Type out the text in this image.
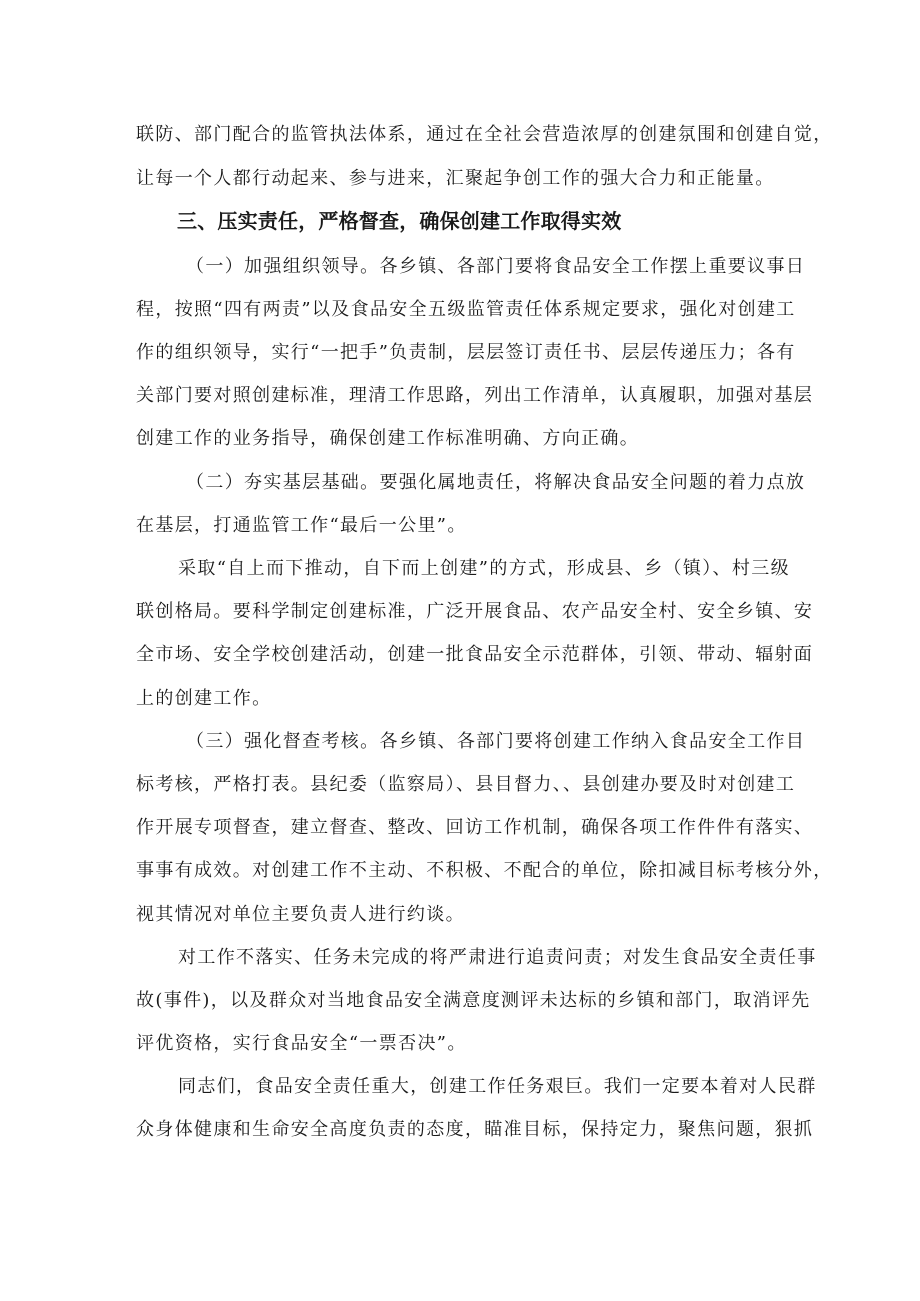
联防、部门配合的监管执法体系，通过在全社会营造浓厚的创建氛围和创建自觉，
让每一个人都行动起来、参与进来，汇聚起争创工作的强大合力和正能量。
三、压实责任，严格督查，确保创建工作取得实效
（一）加强组织领导。各乡镇、各部门要将食品安全工作摆上重要议事日
程，按照“四有两责”以及食品安全五级监管责任体系规定要求，强化对创建工
作的组织领导，实行“一把手”负责制，层层签订责任书、层层传递压力；各有
关部门要对照创建标准，理清工作思路，列出工作清单，认真履职，加强对基层
创建工作的业务指导，确保创建工作标准明确、方向正确。
（二）夯实基层基础。要强化属地责任，将解决食品安全问题的着力点放
在基层，打通监管工作“最后一公里”。
采取“自上而下推动，自下而上创建”的方式，形成县、乡（镇）、村三级
联创格局。要科学制定创建标准，广泛开展食品、农产品安全村、安全乡镇、安
全市场、安全学校创建活动，创建一批食品安全示范群体，引领、带动、辐射面
上的创建工作。
（三）强化督查考核。各乡镇、各部门要将创建工作纳入食品安全工作目
标考核，严格打表。县纪委（监察局）、县目督力、、县创建办要及时对创建工
作开展专项督查，建立督查、整改、回访工作机制，确保各项工作件件有落实、
事事有成效。对创建工作不主动、不积极、不配合的单位，除扣减目标考核分外，
视其情况对单位主要负责人进行约谈。
对工作不落实、任务未完成的将严肃进行追责问责；对发生食品安全责任事
故(事件)，以及群众对当地食品安全满意度测评未达标的乡镇和部门，取消评先
评优资格，实行食品安全“一票否决”。
同志们，食品安全责任重大，创建工作任务艰巨。我们一定要本着对人民群
众身体健康和生命安全高度负责的态度，瞄准目标，保持定力，聚焦问题，狠抓
